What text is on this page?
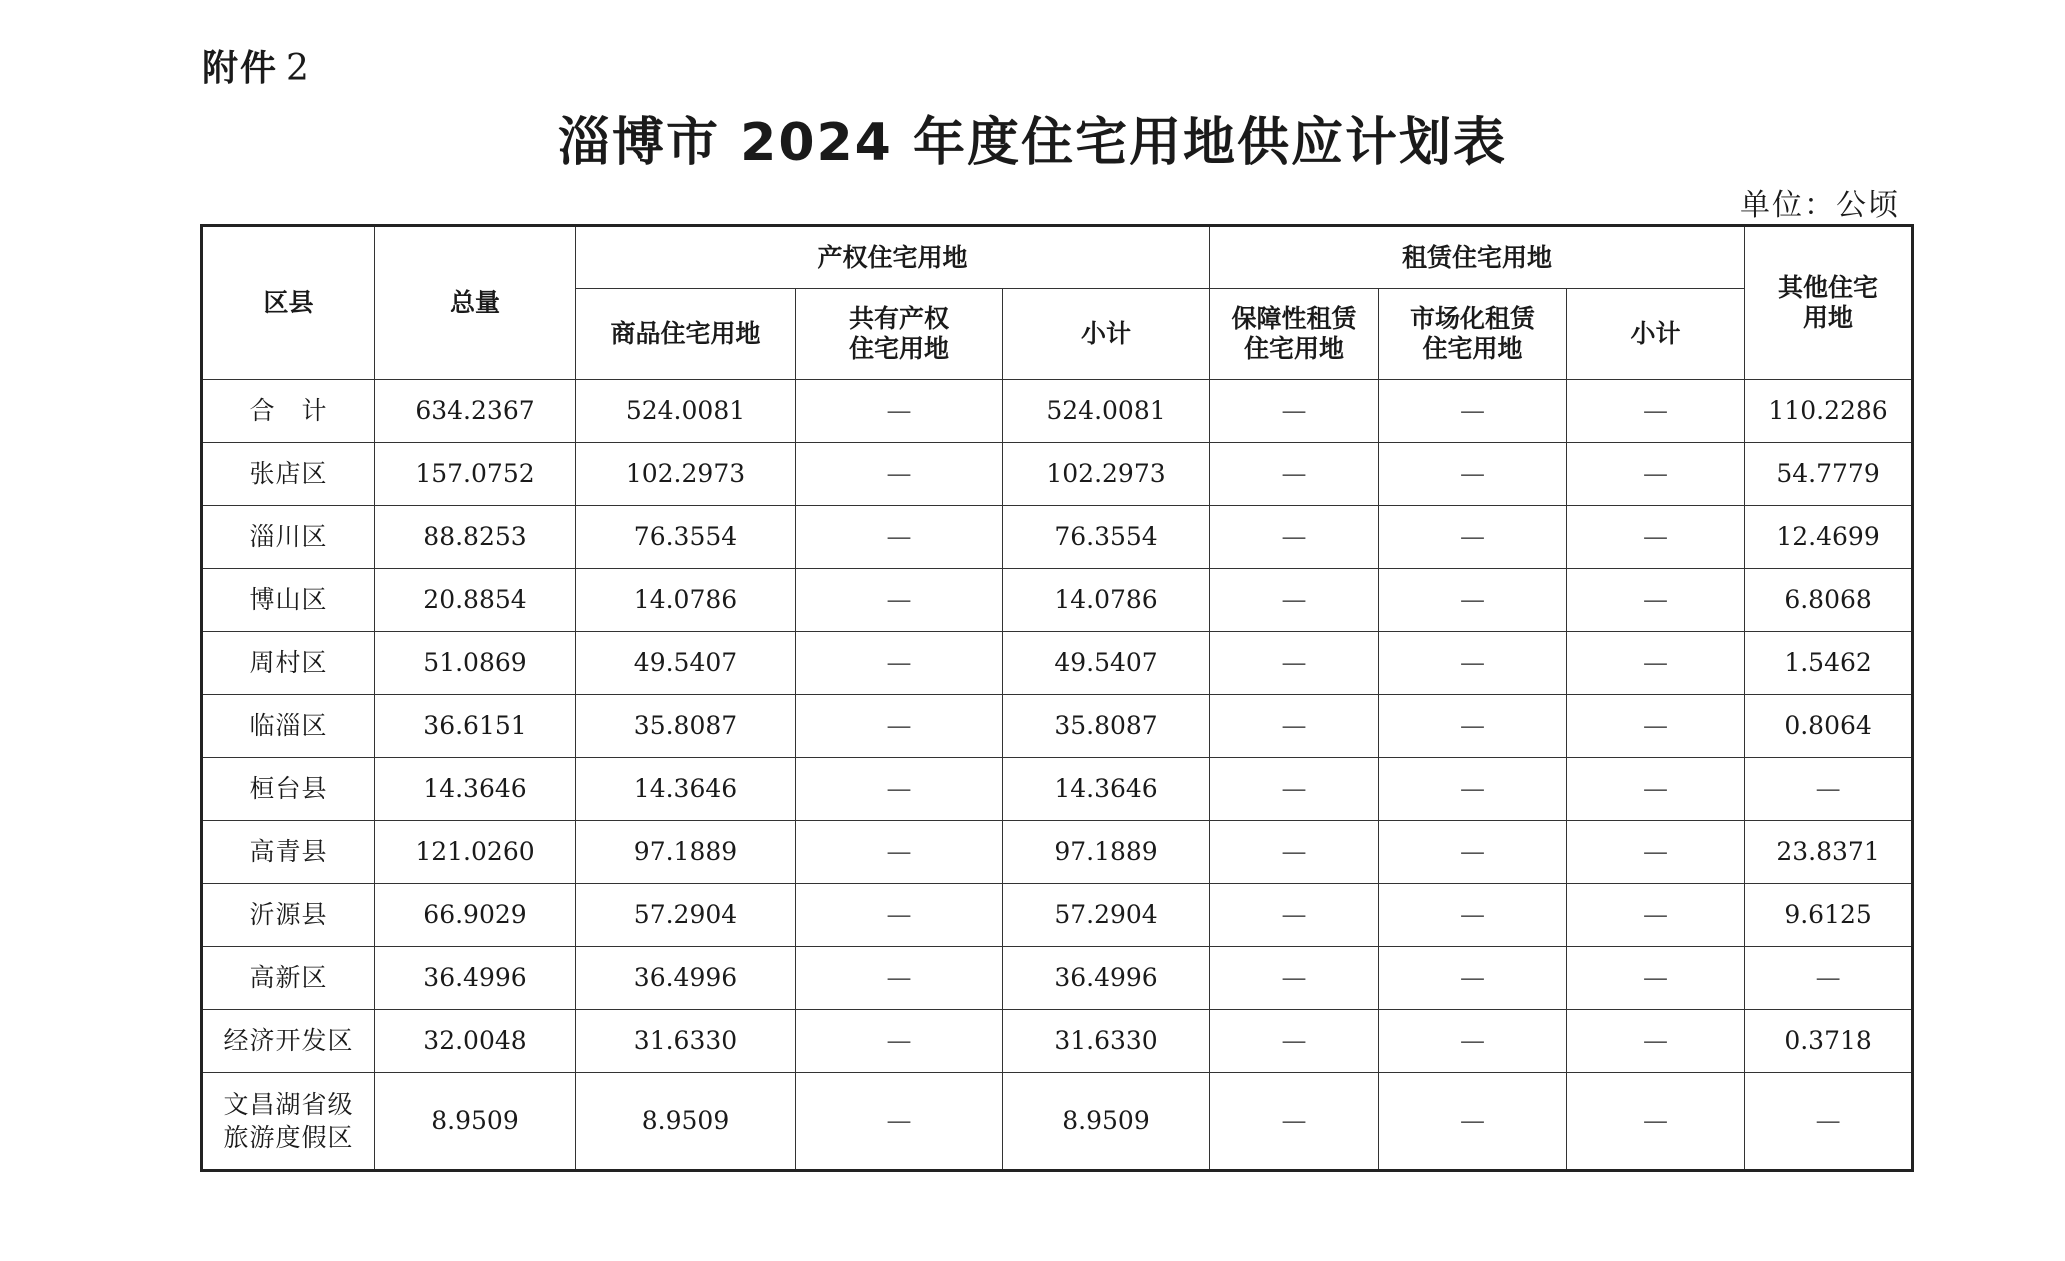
附件 2
淄博市 2024 年度住宅用地供应计划表
单位：公顷
区县	总量	产权住宅用地			租赁住宅用地			其他住宅用地

		商品住宅用地	共有产权住宅用地	小计	保障性租赁住宅用地	市场化租赁住宅用地	小计	
合　计	634.2367	524.0081	—	524.0081	—	—	—	110.2286
张店区	157.0752	102.2973	—	102.2973	—	—	—	54.7779
淄川区	88.8253	76.3554	—	76.3554	—	—	—	12.4699
博山区	20.8854	14.0786	—	14.0786	—	—	—	6.8068
周村区	51.0869	49.5407	—	49.5407	—	—	—	1.5462
临淄区	36.6151	35.8087	—	35.8087	—	—	—	0.8064
桓台县	14.3646	14.3646	—	14.3646	—	—	—	—
高青县	121.0260	97.1889	—	97.1889	—	—	—	23.8371
沂源县	66.9029	57.2904	—	57.2904	—	—	—	9.6125
高新区	36.4996	36.4996	—	36.4996	—	—	—	—
经济开发区	32.0048	31.6330	—	31.6330	—	—	—	0.3718

文昌湖省级旅游度假区	8.9509	8.9509	—	8.9509	—	—	—	—
